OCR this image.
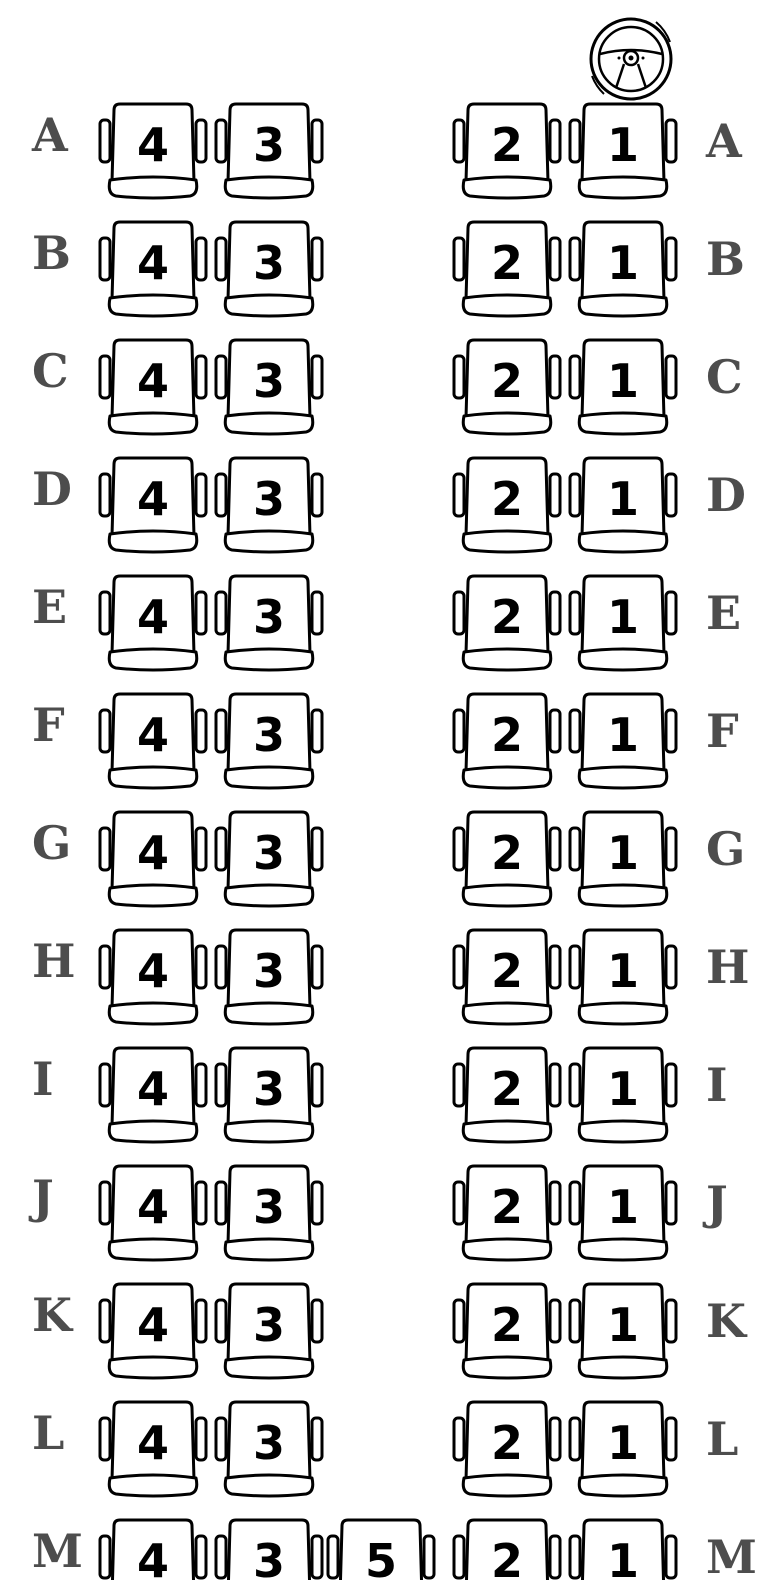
A	A
4	3	2	1
B	B
4	3	2	1
C	C
4	3	2	1
D	D
4	3	2	1
E	E
4	3	2	1
F	F
4	3	2	1
G	G
4	3	2	1
H	H
4	3	2	1
I	I
4	3	2	1
J	J
4	3	2	1
K	K
4	3	2	1
L	L
4	3	2	1
M	M
4	3	5	2	1
